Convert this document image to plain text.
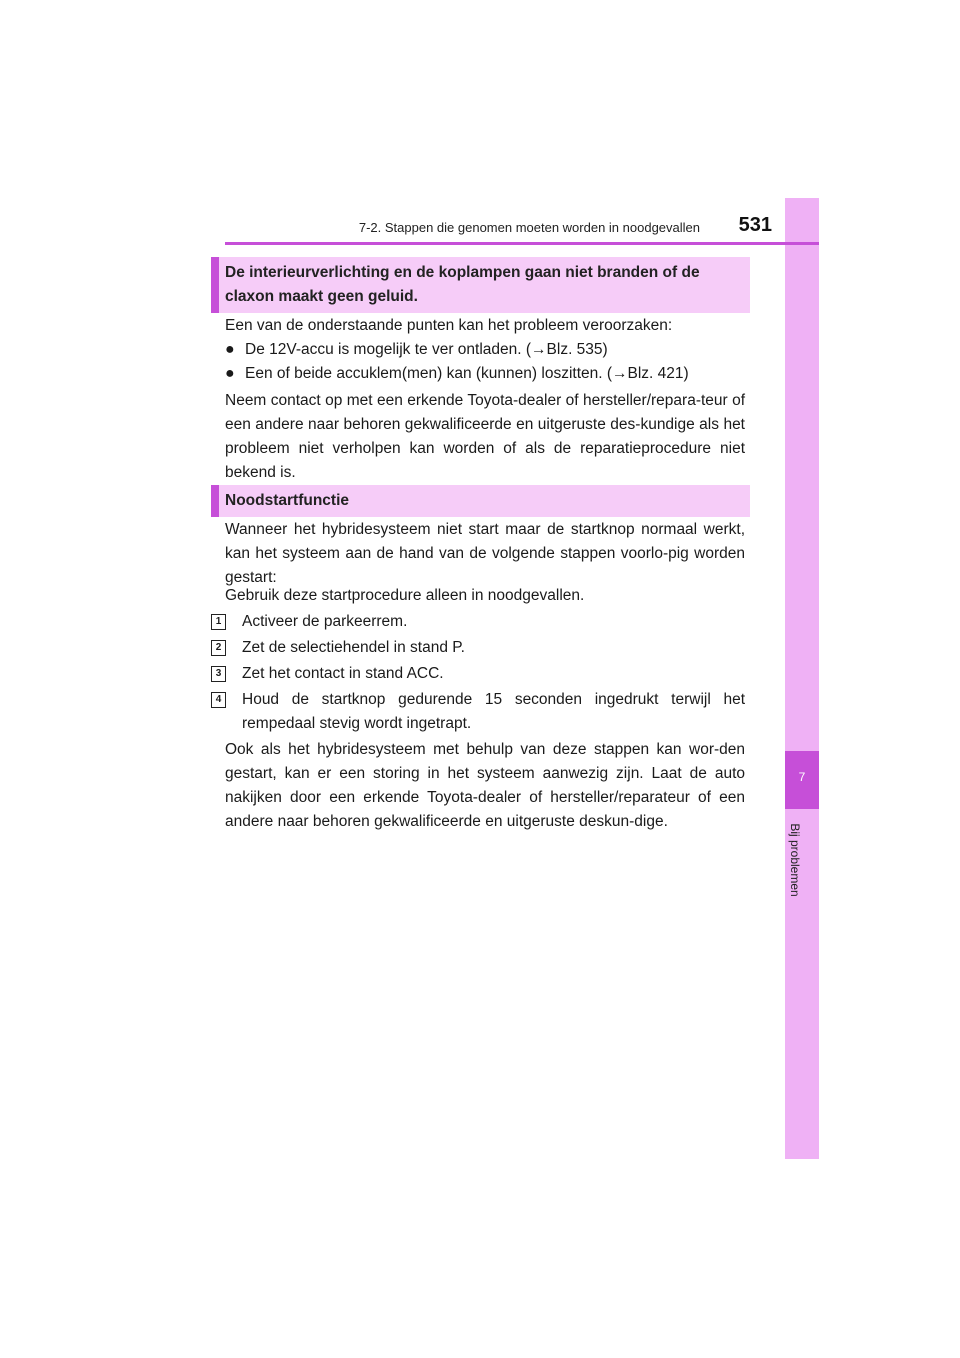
7
Bij problemen
7-2. Stappen die genomen moeten worden in noodgevallen	531
De interieurverlichting en de koplampen gaan niet branden of de claxon maakt geen geluid.

Een van de onderstaande punten kan het probleem veroorzaken:

● De 12V-accu is mogelijk te ver ontladen. (→Blz. 535)
● Een of beide accuklem(men) kan (kunnen) loszitten. (→Blz. 421)

Neem contact op met een erkende Toyota-dealer of hersteller/repara-teur of een andere naar behoren gekwalificeerde en uitgeruste des-kundige als het probleem niet verholpen kan worden of als de reparatieprocedure niet bekend is.

Noodstartfunctie

Wanneer het hybridesysteem niet start maar de startknop normaal werkt, kan het systeem aan de hand van de volgende stappen voorlo-pig worden gestart:

Gebruik deze startprocedure alleen in noodgevallen.

1	Activeer de parkeerrem.
2	Zet de selectiehendel in stand P.
3	Zet het contact in stand ACC.
4	Houd de startknop gedurende 15 seconden ingedrukt terwijl het rempedaal stevig wordt ingetrapt.

Ook als het hybridesysteem met behulp van deze stappen kan wor-den gestart, kan er een storing in het systeem aanwezig zijn. Laat de auto nakijken door een erkende Toyota-dealer of hersteller/reparateur of een andere naar behoren gekwalificeerde en uitgeruste deskun-dige.
